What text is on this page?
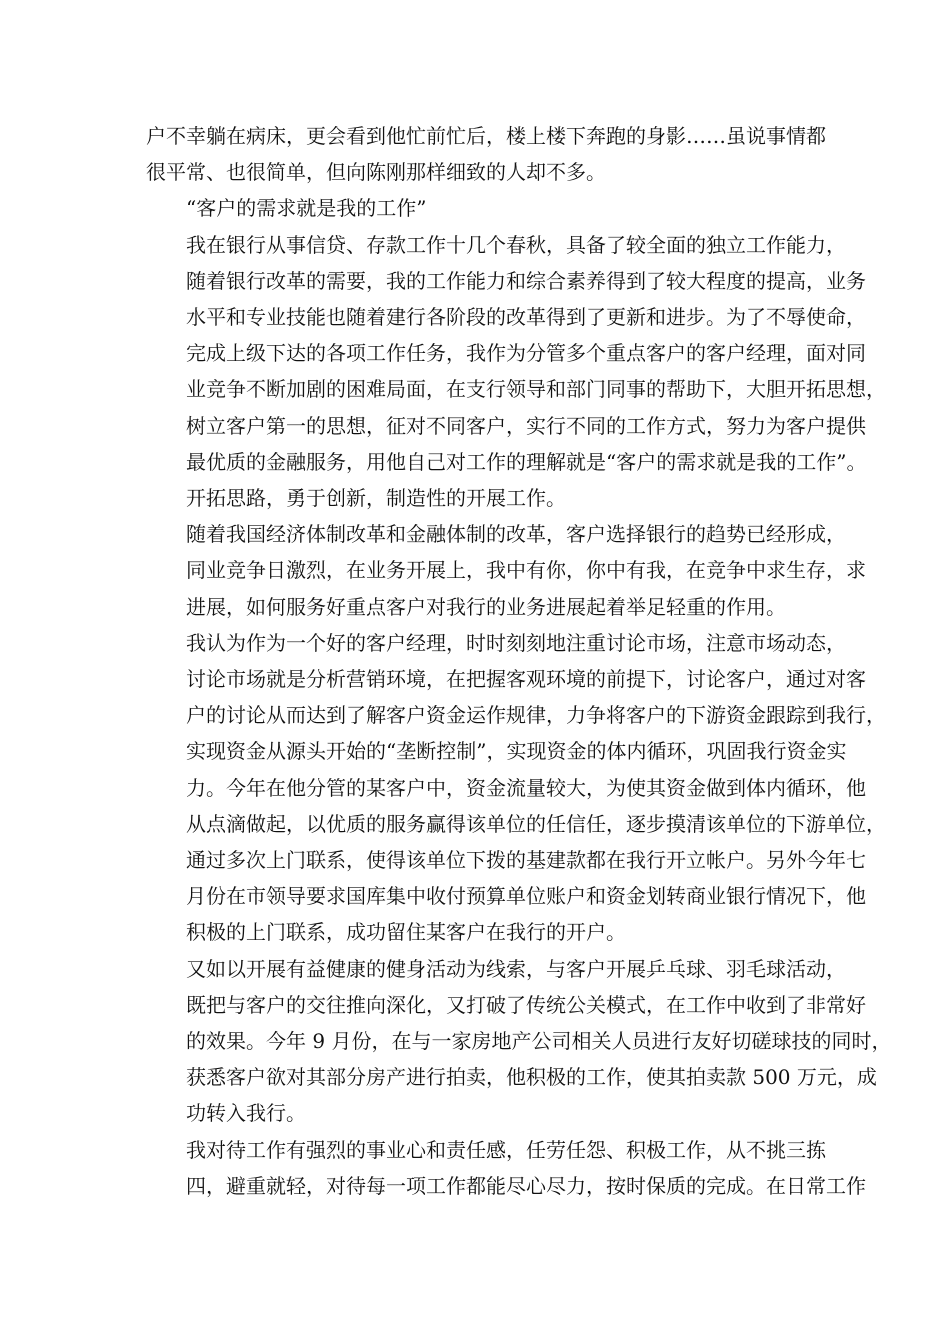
户不幸躺在病床，更会看到他忙前忙后，楼上楼下奔跑的身影……虽说事情都
很平常、也很简单，但向陈刚那样细致的人却不多。

“客户的需求就是我的工作”

我在银行从事信贷、存款工作十几个春秋，具备了较全面的独立工作能力，
随着银行改革的需要，我的工作能力和综合素养得到了较大程度的提高，业务
水平和专业技能也随着建行各阶段的改革得到了更新和进步。为了不辱使命，
完成上级下达的各项工作任务，我作为分管多个重点客户的客户经理，面对同
业竞争不断加剧的困难局面，在支行领导和部门同事的帮助下，大胆开拓思想，
树立客户第一的思想，征对不同客户，实行不同的工作方式，努力为客户提供
最优质的金融服务，用他自己对工作的理解就是“客户的需求就是我的工作”。

开拓思路，勇于创新，制造性的开展工作。

随着我国经济体制改革和金融体制的改革，客户选择银行的趋势已经形成，
同业竞争日激烈，在业务开展上，我中有你，你中有我，在竞争中求生存，求
进展，如何服务好重点客户对我行的业务进展起着举足轻重的作用。

我认为作为一个好的客户经理，时时刻刻地注重讨论市场，注意市场动态，
讨论市场就是分析营销环境，在把握客观环境的前提下，讨论客户，通过对客
户的讨论从而达到了解客户资金运作规律，力争将客户的下游资金跟踪到我行，
实现资金从源头开始的“垄断控制”，实现资金的体内循环，巩固我行资金实
力。今年在他分管的某客户中，资金流量较大，为使其资金做到体内循环，他
从点滴做起，以优质的服务赢得该单位的任信任，逐步摸清该单位的下游单位，
通过多次上门联系，使得该单位下拨的基建款都在我行开立帐户。另外今年七
月份在市领导要求国库集中收付预算单位账户和资金划转商业银行情况下，他
积极的上门联系，成功留住某客户在我行的开户。

又如以开展有益健康的健身活动为线索，与客户开展乒乓球、羽毛球活动，
既把与客户的交往推向深化，又打破了传统公关模式，在工作中收到了非常好
的效果。今年 9 月份，在与一家房地产公司相关人员进行友好切磋球技的同时，
获悉客户欲对其部分房产进行拍卖，他积极的工作，使其拍卖款 500 万元，成
功转入我行。

我对待工作有强烈的事业心和责任感，任劳任怨、积极工作，从不挑三拣
四，避重就轻，对待每一项工作都能尽心尽力，按时保质的完成。在日常工作
